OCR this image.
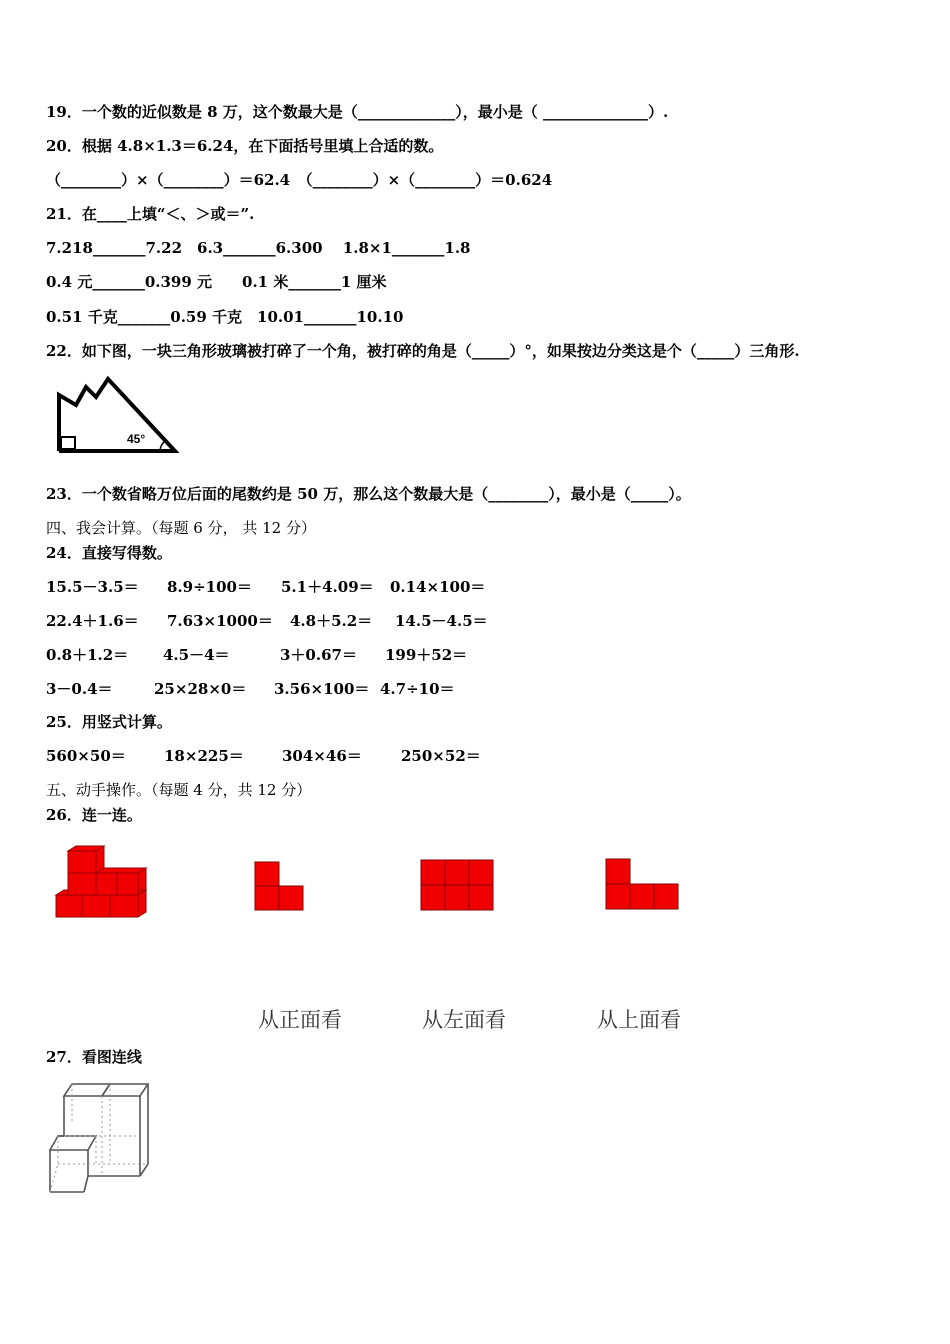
19．一个数的近似数是 8 万，这个数最大是（_____________），最小是（ ______________）.
20．根据 4.8×1.3＝6.24，在下面括号里填上合适的数。
（________）×（________）＝62.4　（________）×（________）＝0.624
21．在____上填“＜、＞或＝”.
7.218_______7.22　6.3_______6.300　 1.8×1_______1.8
0.4 元_______0.399 元　　0.1 米_______1 厘米
0.51 千克_______0.59 千克　10.01_______10.10
22．如下图，一块三角形玻璃被打碎了一个角，被打碎的角是（_____）°，如果按边分类这是个（_____）三角形.
45°
23．一个数省略万位后面的尾数约是 50 万，那么这个数最大是（________），最小是（_____）。
四、我会计算。（每题 6 分， 共 12 分）
24．直接写得数。
15.5－3.5＝ 8.9÷100＝ 5.1＋4.09＝ 0.14×100＝
22.4＋1.6＝ 7.63×1000＝ 4.8＋5.2＝ 14.5－4.5＝
0.8＋1.2＝ 4.5－4＝	3＋0.67＝ 199＋52＝
3－0.4＝	25×28×0＝ 3.56×100＝ 4.7÷10＝
25．用竖式计算。
560×50＝	18×225＝	304×46＝	250×52＝
五、动手操作。（每题 4 分，共 12 分）
26．连一连。
从正面看	从左面看	从上面看
27．看图连线
